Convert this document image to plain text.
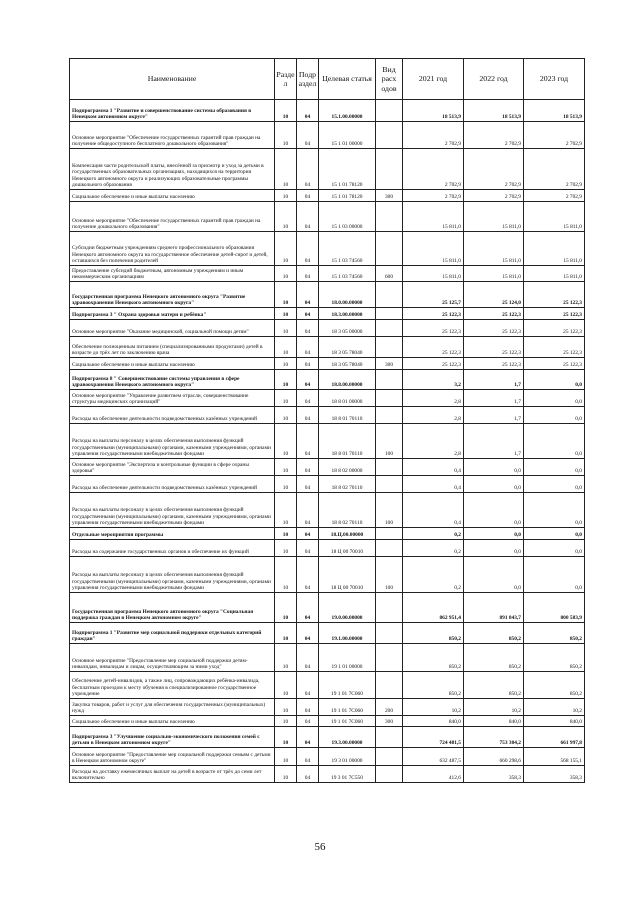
Наименование	Разде л	Подр аздел	Целевая статья	Вид расх одов	2021 год	2022 год	2023 год
Подпрограмма 1 "Развитие и совершенствование системы образования в Ненецком автономном округе"	10	04	15.1.00.00000		18 513,9	18 513,9	18 513,9
Основное мероприятие "Обеспечение государственных гарантий прав граждан на получение общедоступного бесплатного дошкольного образования"	10	04	15 1 01 00000		2 702,9	2 702,9	2 702,9
Компенсация части родительской платы, внесённой за присмотр и уход за детьми в государственных образовательных организациях, находящихся на территории Ненецкого автономного округа и реализующих образовательные программы дошкольного образования	10	04	15 1 01 78120		2 702,9	2 702,9	2 702,9
Социальное обеспечение и иные выплаты населению	10	04	15 1 01 78120	300	2 702,9	2 702,9	2 702,9
Основное мероприятие "Обеспечение государственных гарантий прав граждан на получение дошкольного образования"	10	04	15 1 03 00000		15 811,0	15 811,0	15 811,0
Субсидии бюджетным учреждениям среднего профессионального образования Ненецкого автономного округа на государственное обеспечение детей-сирот и детей, оставшихся без попечения родителей	10	04	15 1 03 74560		15 811,0	15 811,0	15 811,0
Предоставление субсидий бюджетным, автономным учреждениям и иным некоммерческим организациям	10	04	15 1 03 74560	600	15 811,0	15 811,0	15 811,0
Государственная программа Ненецкого автономного округа "Развитие здравоохранения Ненецкого автономного округа"	10	04	18.0.00.00000		25 125,7	25 124,0	25 122,3
Подпрограмма 3 " Охрана здоровья матери и ребёнка"	10	04	18.3.00.00000		25 122,3	25 122,3	25 122,3
Основное мероприятие "Оказание медицинской, социальной помощи детям"	10	04	18 3 05 00000		25 122,3	25 122,3	25 122,3
Обеспечение полноценным питанием (специализированными продуктами) детей в возрасте до трёх лет по заключению врача	10	04	18 3 05 78040		25 122,3	25 122,3	25 122,3
Социальное обеспечение и иные выплаты населению	10	04	18 3 05 78040	300	25 122,3	25 122,3	25 122,3
Подпрограмма 8 " Совершенствование системы управления в сфере здравоохранения Ненецкого автономного округа"	10	04	18.8.00.00000		3,2	1,7	0,0
Основное мероприятие "Управление развитием отрасли, совершенствование структуры медицинских организаций"	10	04	18 8 01 00000		2,8	1,7	0,0
Расходы на обеспечение деятельности подведомственных казённых учреждений	10	04	18 8 01 70110		2,8	1,7	0,0
Расходы на выплаты персоналу в целях обеспечения выполнения функций государственными (муниципальными) органами, казенными учреждениями, органами управления государственными внебюджетными фондами	10	04	18 8 01 70110	100	2,8	1,7	0,0
Основное мероприятие "Экспертиза и контрольные функции в сфере охраны здоровья"	10	04	18 8 02 00000		0,4	0,0	0,0
Расходы на обеспечение деятельности подведомственных казённых учреждений	10	04	18 8 02 70110		0,4	0,0	0,0
Расходы на выплаты персоналу в целях обеспечения выполнения функций государственными (муниципальными) органами, казенными учреждениями, органами управления государственными внебюджетными фондами	10	04	18 8 02 70110	100	0,4	0,0	0,0
Отдельные мероприятия программы	10	04	18.Ц.00.00000		0,2	0,0	0,0
Расходы на содержание государственных органов и обеспечение их функций	10	04	18 Ц 00 70010		0,2	0,0	0,0
Расходы на выплаты персоналу в целях обеспечения выполнения функций государственными (муниципальными) органами, казенными учреждениями, органами управления государственными внебюджетными фондами	10	04	18 Ц 00 70010	100	0,2	0,0	0,0
Государственная программа Ненецкого автономного округа "Социальная поддержка граждан в Ненецком автономном округе"	10	04	19.0.00.00000		862 951,4	891 843,7	800 583,9
Подпрограмма 1 "Развитие мер социальной поддержки отдельных категорий граждан"	10	04	19.1.00.00000		850,2	850,2	850,2
Основное мероприятие "Предоставление мер социальной поддержки детям-инвалидам, инвалидам и лицам, осуществляющим за ними уход"	10	04	19 1 01 00000		850,2	850,2	850,2
Обеспечение детей-инвалидов, а также лиц, сопровождающих ребёнка-инвалида, бесплатным проездом к месту обучения в специализированное государственное учреждение	10	04	19 1 01 7С060		850,2	850,2	850,2
Закупка товаров, работ и услуг для обеспечения государственных (муниципальных) нужд	10	04	19 1 01 7С060	200	10,2	10,2	10,2
Социальное обеспечение и иные выплаты населению	10	04	19 1 01 7С060	300	840,0	840,0	840,0
Подпрограмма 3 "Улучшение социально-экономического положения семей с детьми в Ненецком автономном округе"	10	04	19.3.00.00000		724 481,5	753 304,2	661 997,8
Основное мероприятие "Предоставление мер социальной поддержки семьям с детьми в Ненецком автономном округе"	10	04	19 3 01 00000		632 487,5	660 298,6	568 155,1
Расходы на доставку ежемесячных выплат на детей в возрасте от трёх до семи лет включительно	10	04	19 3 01 7С550		412,6	358,3	358,3
56
